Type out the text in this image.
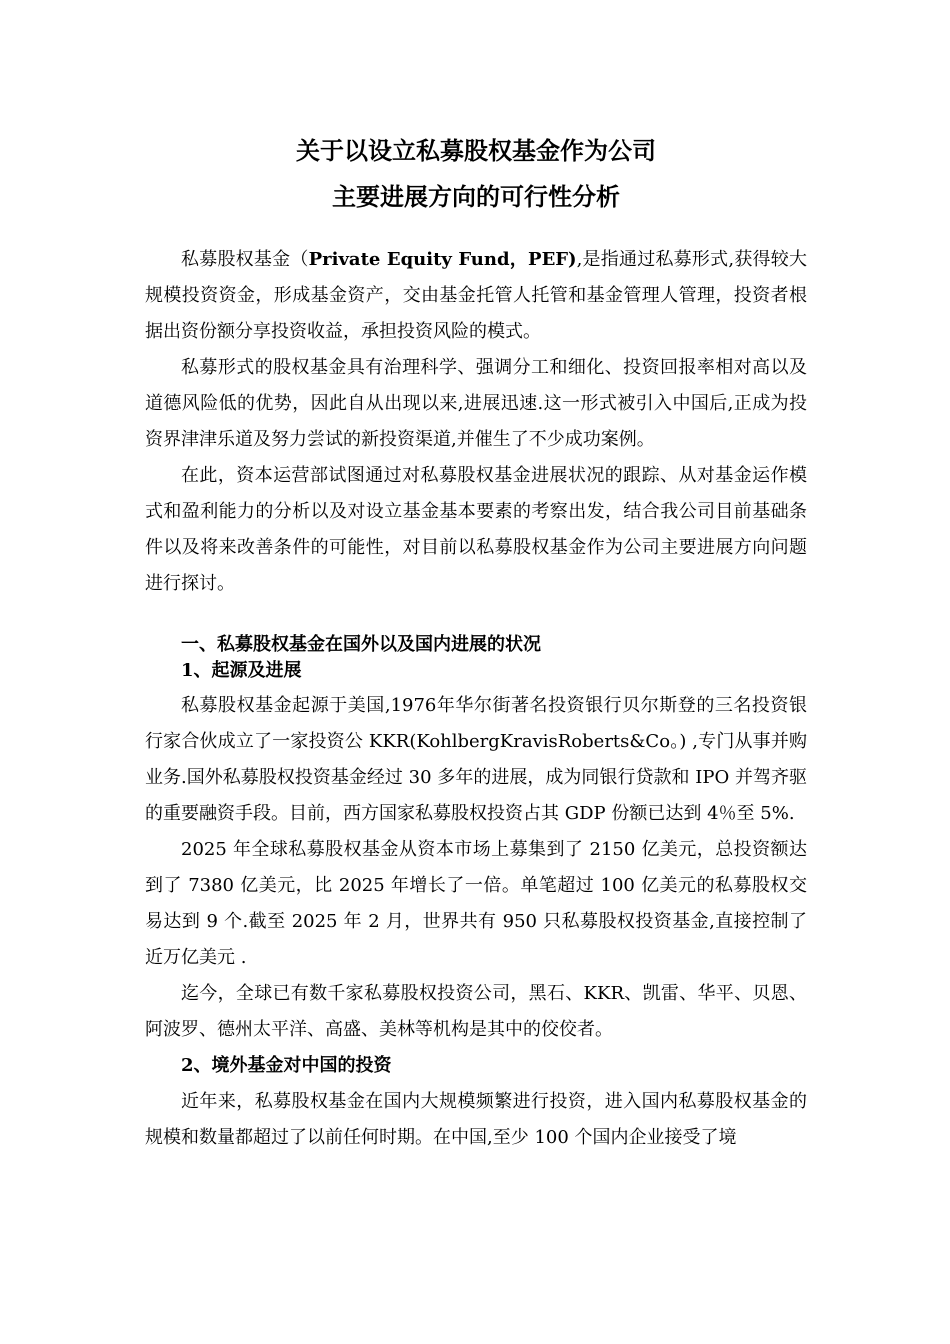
关于以设立私募股权基金作为公司

主要进展方向的可行性分析

私募股权基金（Private Equity Fund，PEF),是指通过私募形式,获得较大规模投资资金，形成基金资产，交由基金托管人托管和基金管理人管理，投资者根据出资份额分享投资收益，承担投资风险的模式。

私募形式的股权基金具有治理科学、强调分工和细化、投资回报率相对高以及道德风险低的优势，因此自从出现以来,进展迅速.这一形式被引入中国后,正成为投资界津津乐道及努力尝试的新投资渠道,并催生了不少成功案例。

在此，资本运营部试图通过对私募股权基金进展状况的跟踪、从对基金运作模式和盈利能力的分析以及对设立基金基本要素的考察出发，结合我公司目前基础条件以及将来改善条件的可能性，对目前以私募股权基金作为公司主要进展方向问题进行探讨。

一、私募股权基金在国外以及国内进展的状况

1、起源及进展

私募股权基金起源于美国,1976年华尔街著名投资银行贝尔斯登的三名投资银行家合伙成立了一家投资公 KKR(KohlbergKravisRoberts&Co。) ,专门从事并购业务.国外私募股权投资基金经过 30 多年的进展，成为同银行贷款和 IPO 并驾齐驱的重要融资手段。目前，西方国家私募股权投资占其 GDP 份额已达到 4％至 5%.

2025 年全球私募股权基金从资本市场上募集到了 2150 亿美元，总投资额达到了 7380 亿美元，比 2025 年增长了一倍。单笔超过 100 亿美元的私募股权交易达到 9 个.截至 2025 年 2 月，世界共有 950 只私募股权投资基金,直接控制了近万亿美元 .

迄今，全球已有数千家私募股权投资公司，黑石、KKR、凯雷、华平、贝恩、阿波罗、德州太平洋、高盛、美林等机构是其中的佼佼者。

2、境外基金对中国的投资

近年来，私募股权基金在国内大规模频繁进行投资，进入国内私募股权基金的规模和数量都超过了以前任何时期。在中国,至少 100 个国内企业接受了境
